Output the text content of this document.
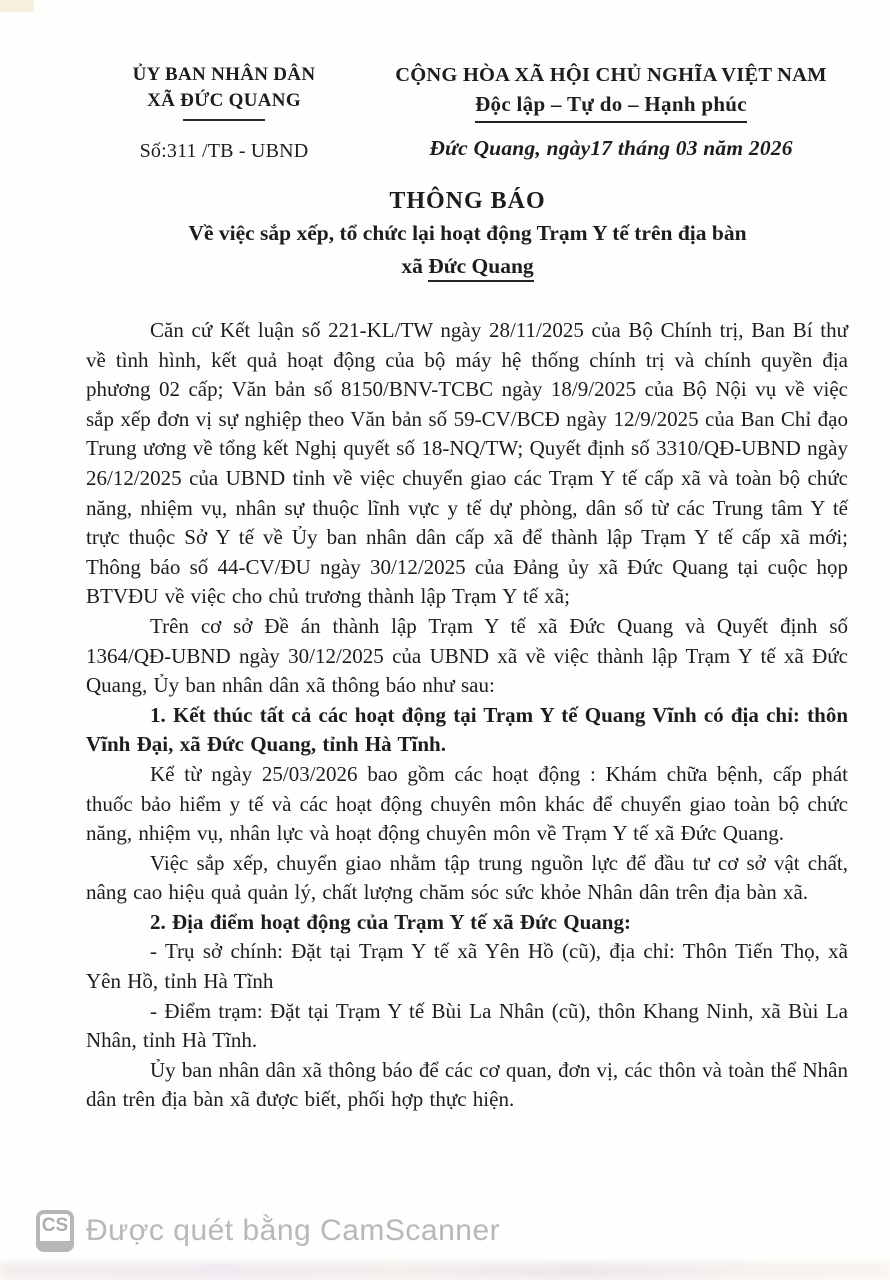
ỦY BAN NHÂN DÂN
XÃ ĐỨC QUANG
Số:311 /TB - UBND
CỘNG HÒA XÃ HỘI CHỦ NGHĨA VIỆT NAM
Độc lập – Tự do – Hạnh phúc
Đức Quang, ngày17 tháng 03 năm 2026
THÔNG BÁO
Về việc sắp xếp, tổ chức lại hoạt động Trạm Y tế trên địa bàn
xã Đức Quang

Căn cứ Kết luận số 221-KL/TW ngày 28/11/2025 của Bộ Chính trị, Ban Bí thư về tình hình, kết quả hoạt động của bộ máy hệ thống chính trị và chính quyền địa phương 02 cấp; Văn bản số 8150/BNV-TCBC ngày 18/9/2025 của Bộ Nội vụ về việc sắp xếp đơn vị sự nghiệp theo Văn bản số 59-CV/BCĐ ngày 12/9/2025 của Ban Chỉ đạo Trung ương về tổng kết Nghị quyết số 18-NQ/TW; Quyết định số 3310/QĐ-UBND ngày 26/12/2025 của UBND tỉnh về việc chuyển giao các Trạm Y tế cấp xã và toàn bộ chức năng, nhiệm vụ, nhân sự thuộc lĩnh vực y tế dự phòng, dân số từ các Trung tâm Y tế trực thuộc Sở Y tế về Ủy ban nhân dân cấp xã để thành lập Trạm Y tế cấp xã mới; Thông báo số 44-CV/ĐU ngày 30/12/2025 của Đảng ủy xã Đức Quang tại cuộc họp BTVĐU về việc cho chủ trương thành lập Trạm Y tế xã;

Trên cơ sở Đề án thành lập Trạm Y tế xã Đức Quang và Quyết định số 1364/QĐ-UBND ngày 30/12/2025 của UBND xã về việc thành lập Trạm Y tế xã Đức Quang, Ủy ban nhân dân xã thông báo như sau:

1. Kết thúc tất cả các hoạt động tại Trạm Y tế Quang Vĩnh có địa chỉ: thôn Vĩnh Đại, xã Đức Quang, tỉnh Hà Tĩnh.

Kể từ ngày 25/03/2026 bao gồm các hoạt động : Khám chữa bệnh, cấp phát thuốc bảo hiểm y tế và các hoạt động chuyên môn khác để chuyển giao toàn bộ chức năng, nhiệm vụ, nhân lực và hoạt động chuyên môn về Trạm Y tế xã Đức Quang.

Việc sắp xếp, chuyển giao nhằm tập trung nguồn lực để đầu tư cơ sở vật chất, nâng cao hiệu quả quản lý, chất lượng chăm sóc sức khỏe Nhân dân trên địa bàn xã.

2. Địa điểm hoạt động của Trạm Y tế xã Đức Quang:

- Trụ sở chính: Đặt tại Trạm Y tế xã Yên Hồ (cũ), địa chỉ: Thôn Tiến Thọ, xã Yên Hồ, tỉnh Hà Tĩnh

- Điểm trạm: Đặt tại Trạm Y tế Bùi La Nhân (cũ), thôn Khang Ninh, xã Bùi La Nhân, tỉnh Hà Tĩnh.

Ủy ban nhân dân xã thông báo để các cơ quan, đơn vị, các thôn và toàn thể Nhân dân trên địa bàn xã được biết, phối hợp thực hiện.

CS Được quét bằng CamScanner
